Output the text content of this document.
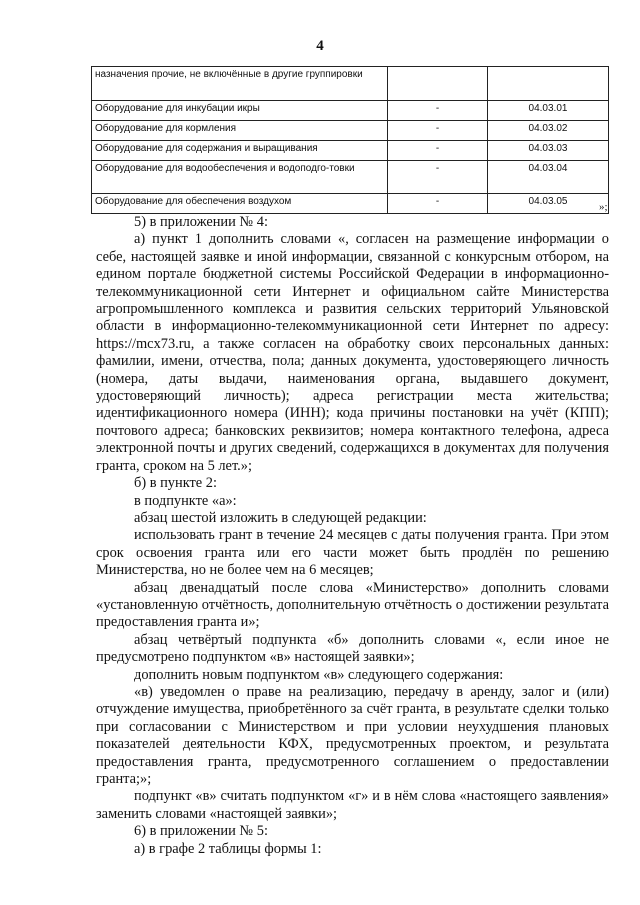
4
назначения прочие, не включённые в другие группировки		
Оборудование для инкубации икры	-	04.03.01
Оборудование для кормления	-	04.03.02
Оборудование для содержания и выращивания	-	04.03.03
Оборудование для водообеспечения и водоподго-товки	-	04.03.04
Оборудование для обеспечения воздухом	-	04.03.05	»;

5) в приложении № 4:

а) пункт 1 дополнить словами «, согласен на размещение информации о себе, настоящей заявке и иной информации, связанной с конкурсным отбором, на едином портале бюджетной системы Российской Федерации в информационно-телекоммуникационной сети Интернет и официальном сайте Министерства агропромышленного комплекса и развития сельских территорий Ульяновской области в информационно-телекоммуникационной сети Интернет по адресу: https://mcx73.ru, а также согласен на обработку своих персональных данных: фамилии, имени, отчества, пола; данных документа, удостоверяющего личность (номера, даты выдачи, наименования органа, выдавшего документ, удостоверяющий личность); адреса регистрации места жительства; идентификационного номера (ИНН); кода причины постановки на учёт (КПП); почтового адреса; банковских реквизитов; номера контактного телефона, адреса электронной почты и других сведений, содержащихся в документах для получения гранта, сроком на 5 лет.»;

б) в пункте 2:

в подпункте «а»:

абзац шестой изложить в следующей редакции:

использовать грант в течение 24 месяцев с даты получения гранта. При этом срок освоения гранта или его части может быть продлён по решению Министерства, но не более чем на 6 месяцев;

абзац двенадцатый после слова «Министерство» дополнить словами «установленную отчётность, дополнительную отчётность о достижении результата предоставления гранта и»;

абзац четвёртый подпункта «б» дополнить словами «, если иное не предусмотрено подпунктом «в» настоящей заявки»;

дополнить новым подпунктом «в» следующего содержания:

«в) уведомлен о праве на реализацию, передачу в аренду, залог и (или) отчуждение имущества, приобретённого за счёт гранта, в результате сделки только при согласовании с Министерством и при условии неухудшения плановых показателей деятельности КФХ, предусмотренных проектом, и результата предоставления гранта, предусмотренного соглашением о предоставлении гранта;»;

подпункт «в» считать подпунктом «г» и в нём слова «настоящего заявления» заменить словами «настоящей заявки»;

6) в приложении № 5:

а) в графе 2 таблицы формы 1:
